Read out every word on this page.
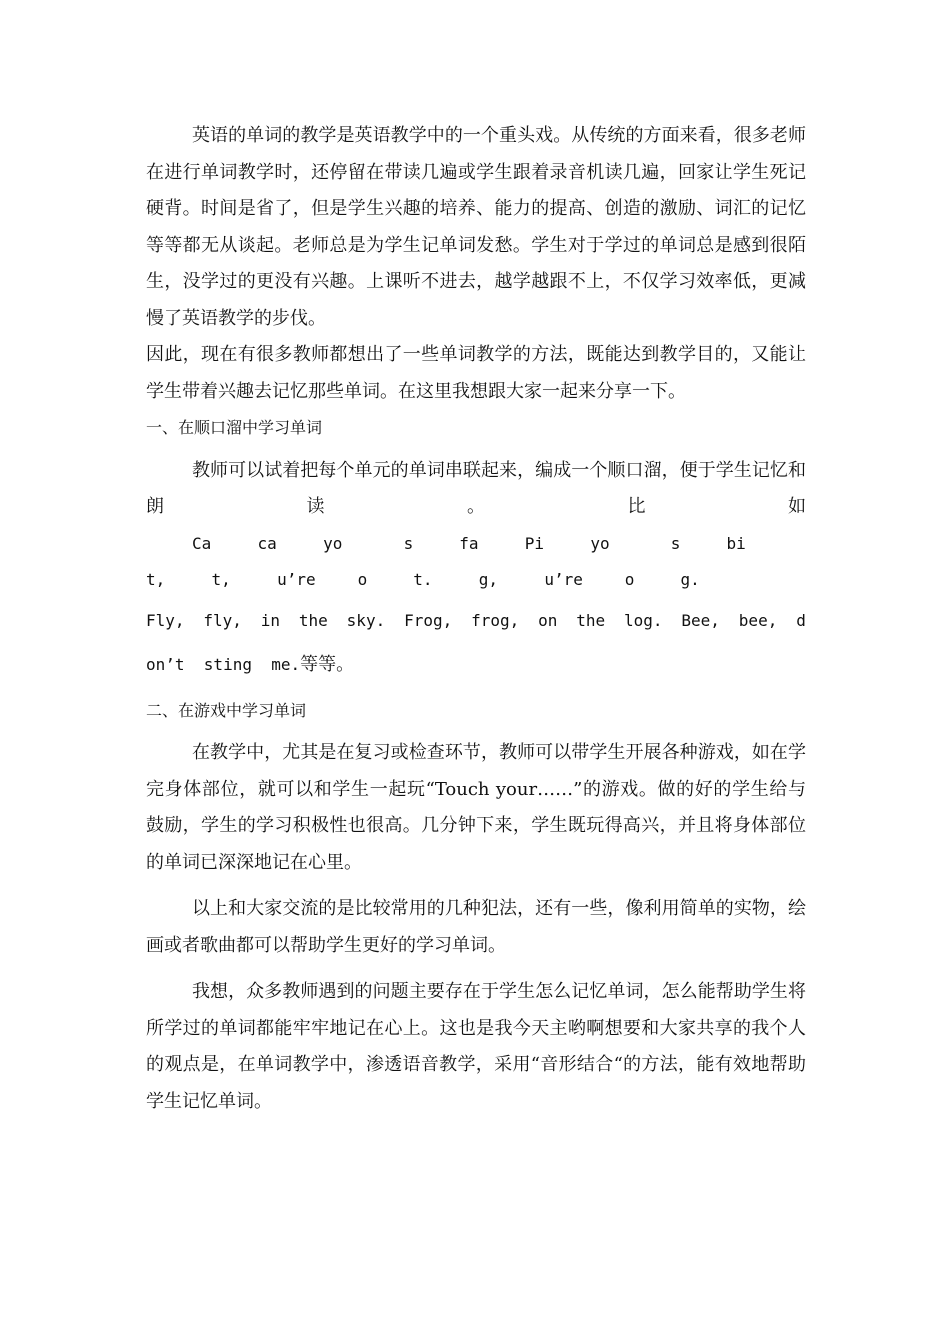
英语的单词的教学是英语教学中的一个重头戏。从传统的方面来看，很多老师在进行单词教学时，还停留在带读几遍或学生跟着录音机读几遍，回家让学生死记硬背。时间是省了，但是学生兴趣的培养、能力的提高、创造的激励、词汇的记忆等等都无从谈起。老师总是为学生记单词发愁。学生对于学过的单词总是感到很陌生，没学过的更没有兴趣。上课听不进去，越学越跟不上，不仅学习效率低，更减慢了英语教学的步伐。

因此，现在有很多教师都想出了一些单词教学的方法，既能达到教学目的，又能让学生带着兴趣去记忆那些单词。在这里我想跟大家一起来分享一下。

一、在顺口溜中学习单词

教师可以试着把每个单元的单词串联起来，编成一个顺口溜，便于学生记忆和朗读。比如
Cat,
cat,
you’re
so
fat.
Pig,
you’re
so
big.

Fly, fly, in the sky. Frog, frog, on the log. Bee, bee, d
on’t  sting  me.等等。

二、在游戏中学习单词

在教学中，尤其是在复习或检查环节，教师可以带学生开展各种游戏，如在学完身体部位，就可以和学生一起玩“Touch your……”的游戏。做的好的学生给与鼓励，学生的学习积极性也很高。几分钟下来，学生既玩得高兴，并且将身体部位的单词已深深地记在心里。

以上和大家交流的是比较常用的几种犯法，还有一些，像利用简单的实物，绘画或者歌曲都可以帮助学生更好的学习单词。

我想，众多教师遇到的问题主要存在于学生怎么记忆单词，怎么能帮助学生将所学过的单词都能牢牢地记在心上。这也是我今天主哟啊想要和大家共享的我个人的观点是，在单词教学中，渗透语音教学，采用“音形结合“的方法，能有效地帮助学生记忆单词。
